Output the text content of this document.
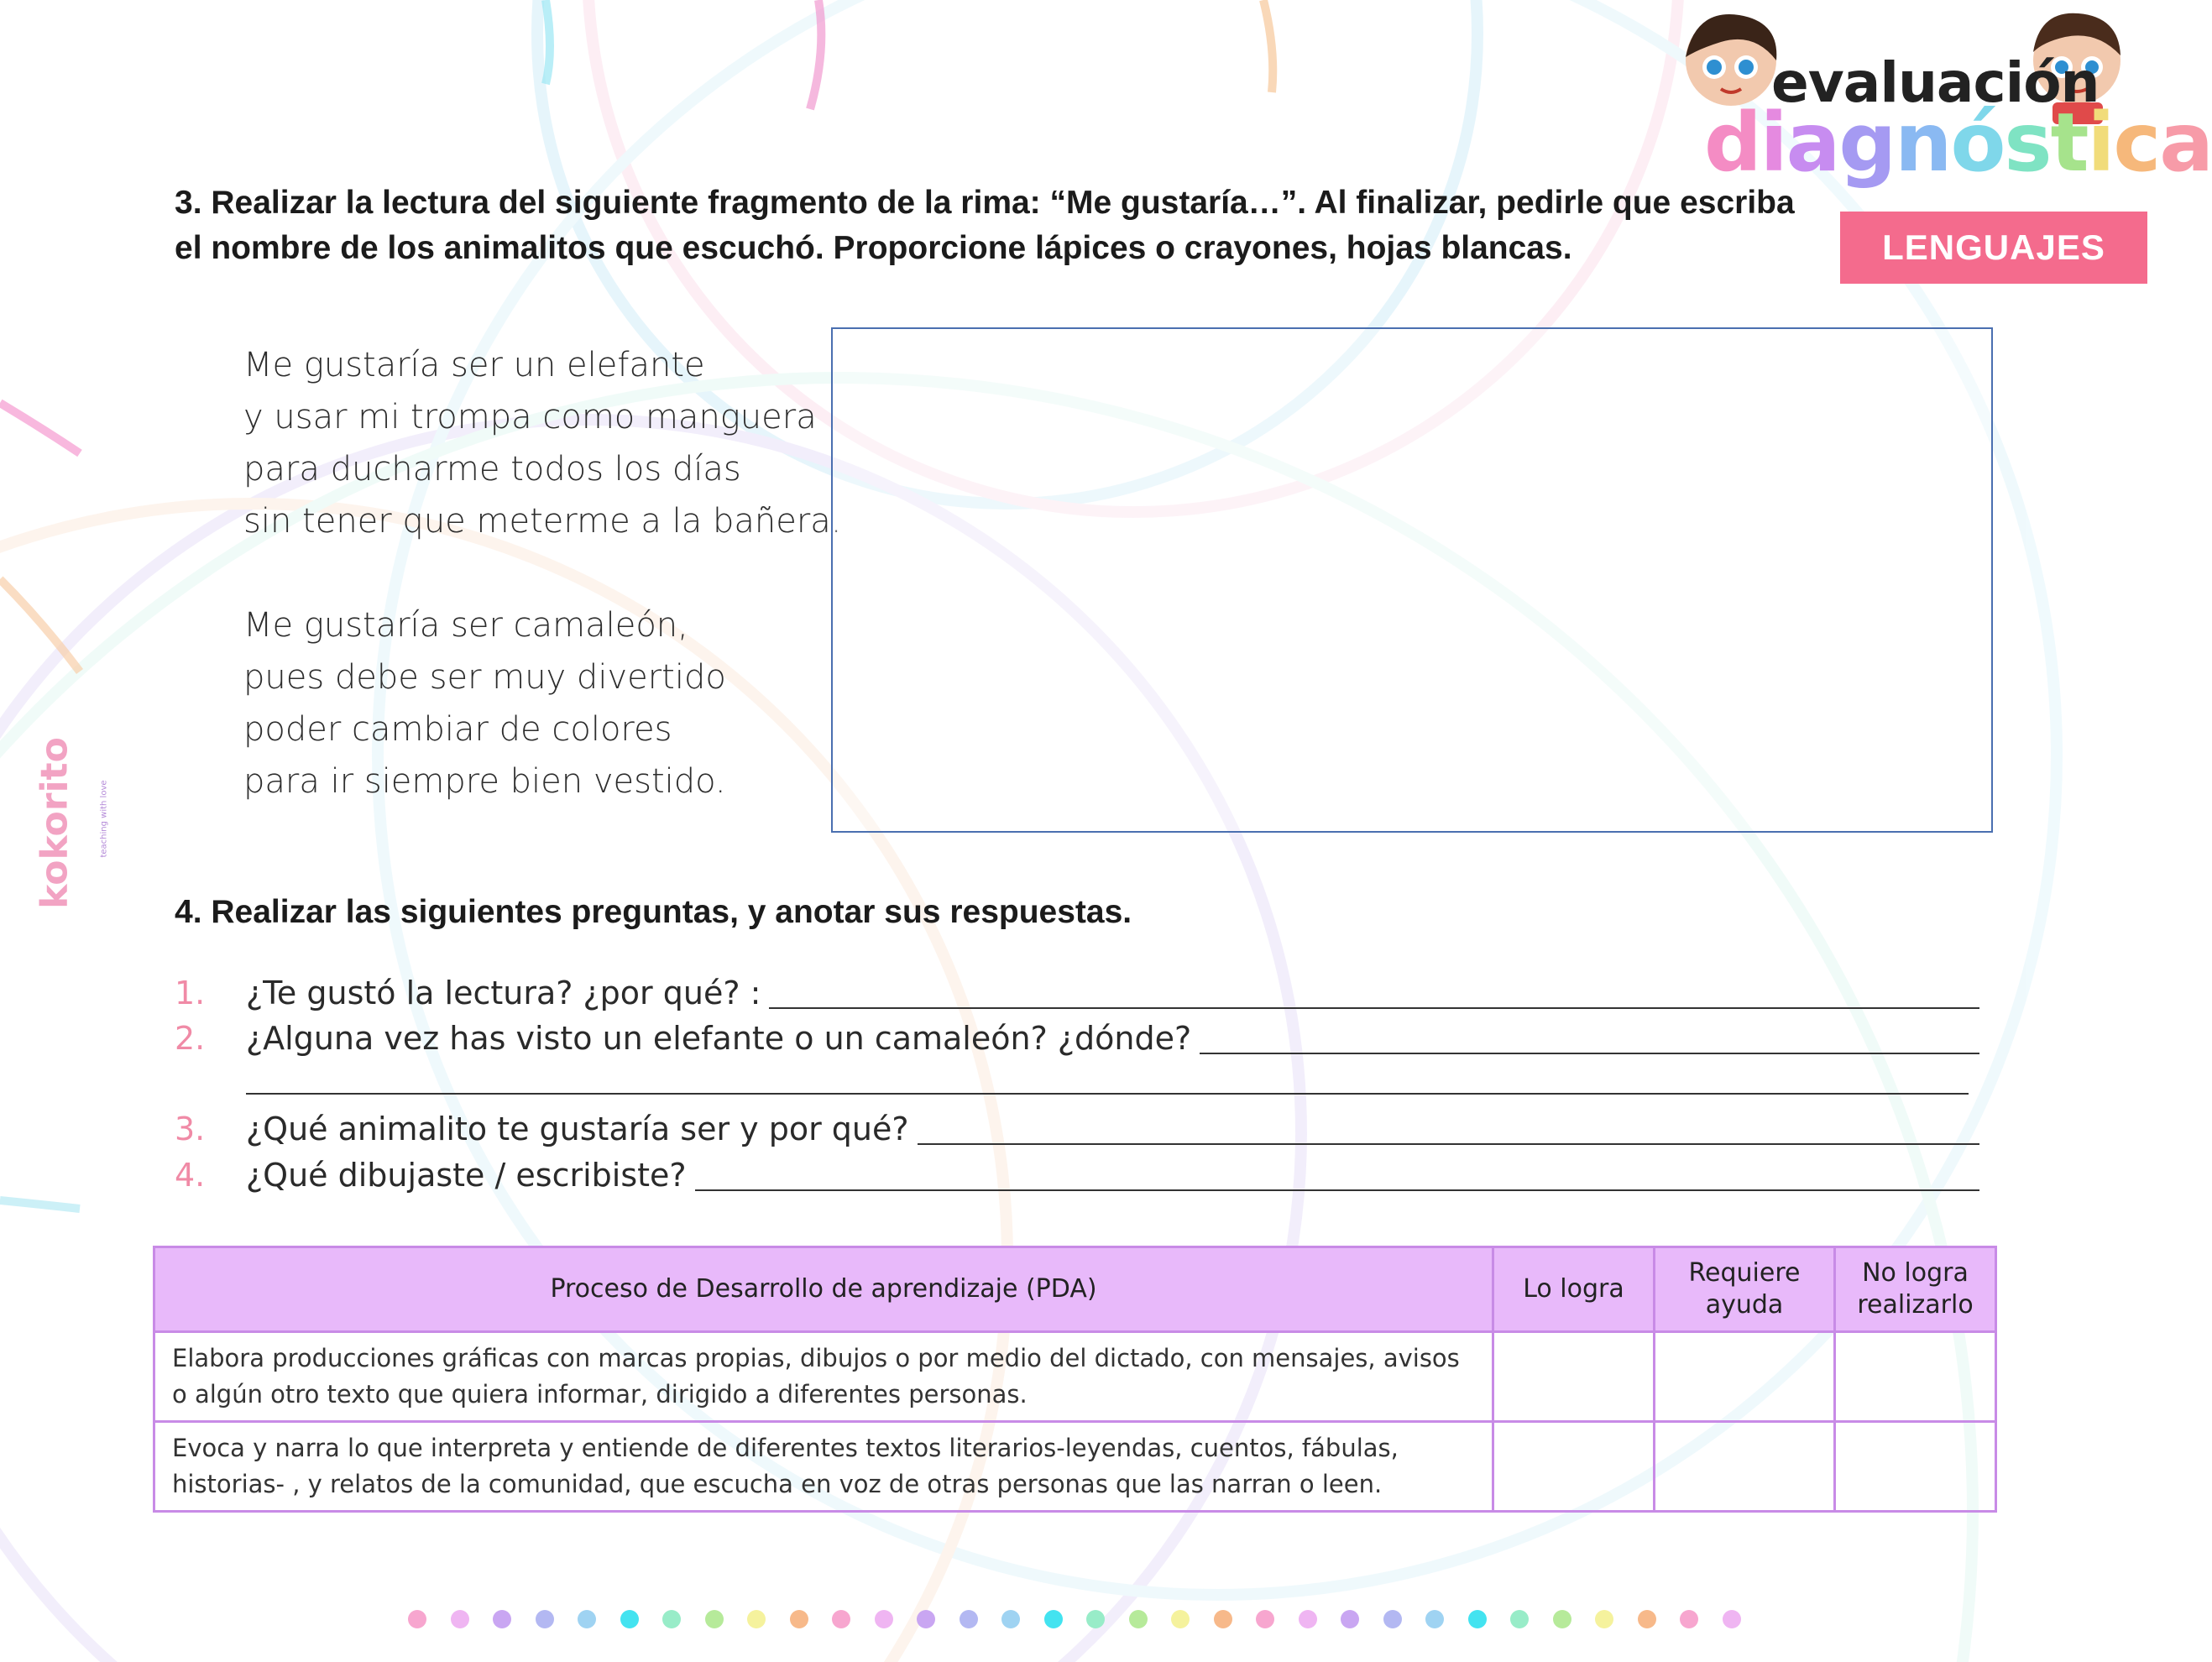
evaluación
diagnóstica
LENGUAJES
kokorito	teaching with love
3. Realizar la lectura del siguiente fragmento de la rima: “Me gustaría…”. Al finalizar, pedirle que escriba el nombre de los animalitos que escuchó. Proporcione lápices o crayones, hojas blancas.
Me gustaría ser un elefante
y usar mi trompa como manguera
para ducharme todos los días
sin tener que meterme a la bañera.
Me gustaría ser camaleón,
pues debe ser muy divertido
poder cambiar de colores
para ir siempre bien vestido.
4. Realizar las siguientes preguntas, y anotar sus respuestas.
1.	¿Te gustó la lectura? ¿por qué? :
2.	¿Alguna vez has visto un elefante o un camaleón? ¿dónde?
3.	¿Qué animalito te gustaría ser y por qué?
4.	¿Qué dibujaste / escribiste?
Proceso de Desarrollo de aprendizaje (PDA)	Lo logra	Requiere ayuda	No logra realizarlo
Elabora producciones gráficas con marcas propias, dibujos o por medio del dictado, con mensajes, avisos o algún otro texto que quiera informar, dirigido a diferentes personas.			
Evoca y narra lo que interpreta y entiende de diferentes textos literarios-leyendas, cuentos, fábulas, historias- , y relatos de la comunidad, que escucha en voz de otras personas que las narran o leen.			
